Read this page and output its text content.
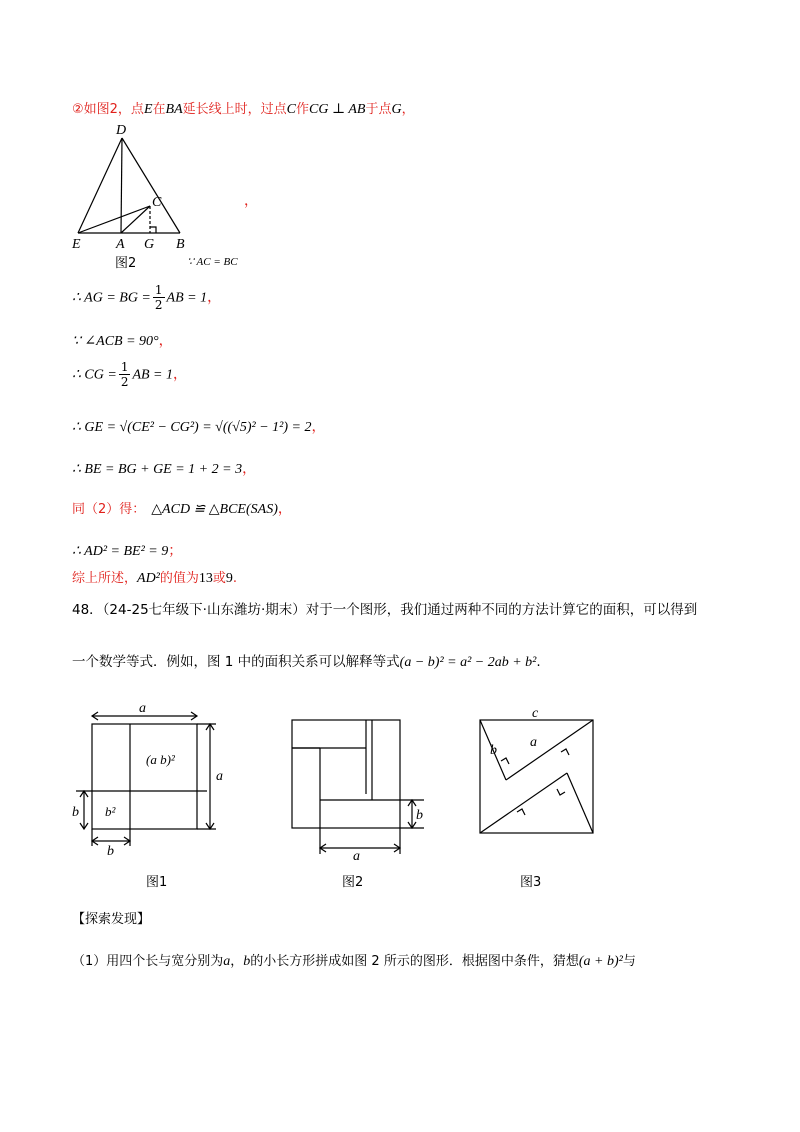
②如图2，点E在BA延长线上时，过点C作CG ⊥ AB于点G，
D
C
E	A G B
图2	∵ AC = BC
，
∴ AG = BG = $\frac{1}{2}$ AB = 1，
∵ ∠ACB = 90°，
∴ CG = $\frac{1}{2}$ AB = 1，
∴ GE = √(CE² − CG²) = √((√5)² − 1²) = 2，
∴ BE = BG + GE = 1 + 2 = 3，
同（2）得： △ACD ≌ △BCE(SAS)，
∴ AD² = BE² = 9；
综上所述，AD²的值为13或9.
48．（24-25七年级下·山东潍坊·期末）对于一个图形，我们通过两种不同的方法计算它的面积，可以得到
一个数学等式．例如，图 1 中的面积关系可以解释等式(a − b)² = a² − 2ab + b².
a
a
(a b)²
b b²
b
图1
b
a
图2
c
b
a
图3
【探索发现】
（1）用四个长与宽分别为a，b的小长方形拼成如图 2 所示的图形．根据图中条件，猜想(a + b)²与
